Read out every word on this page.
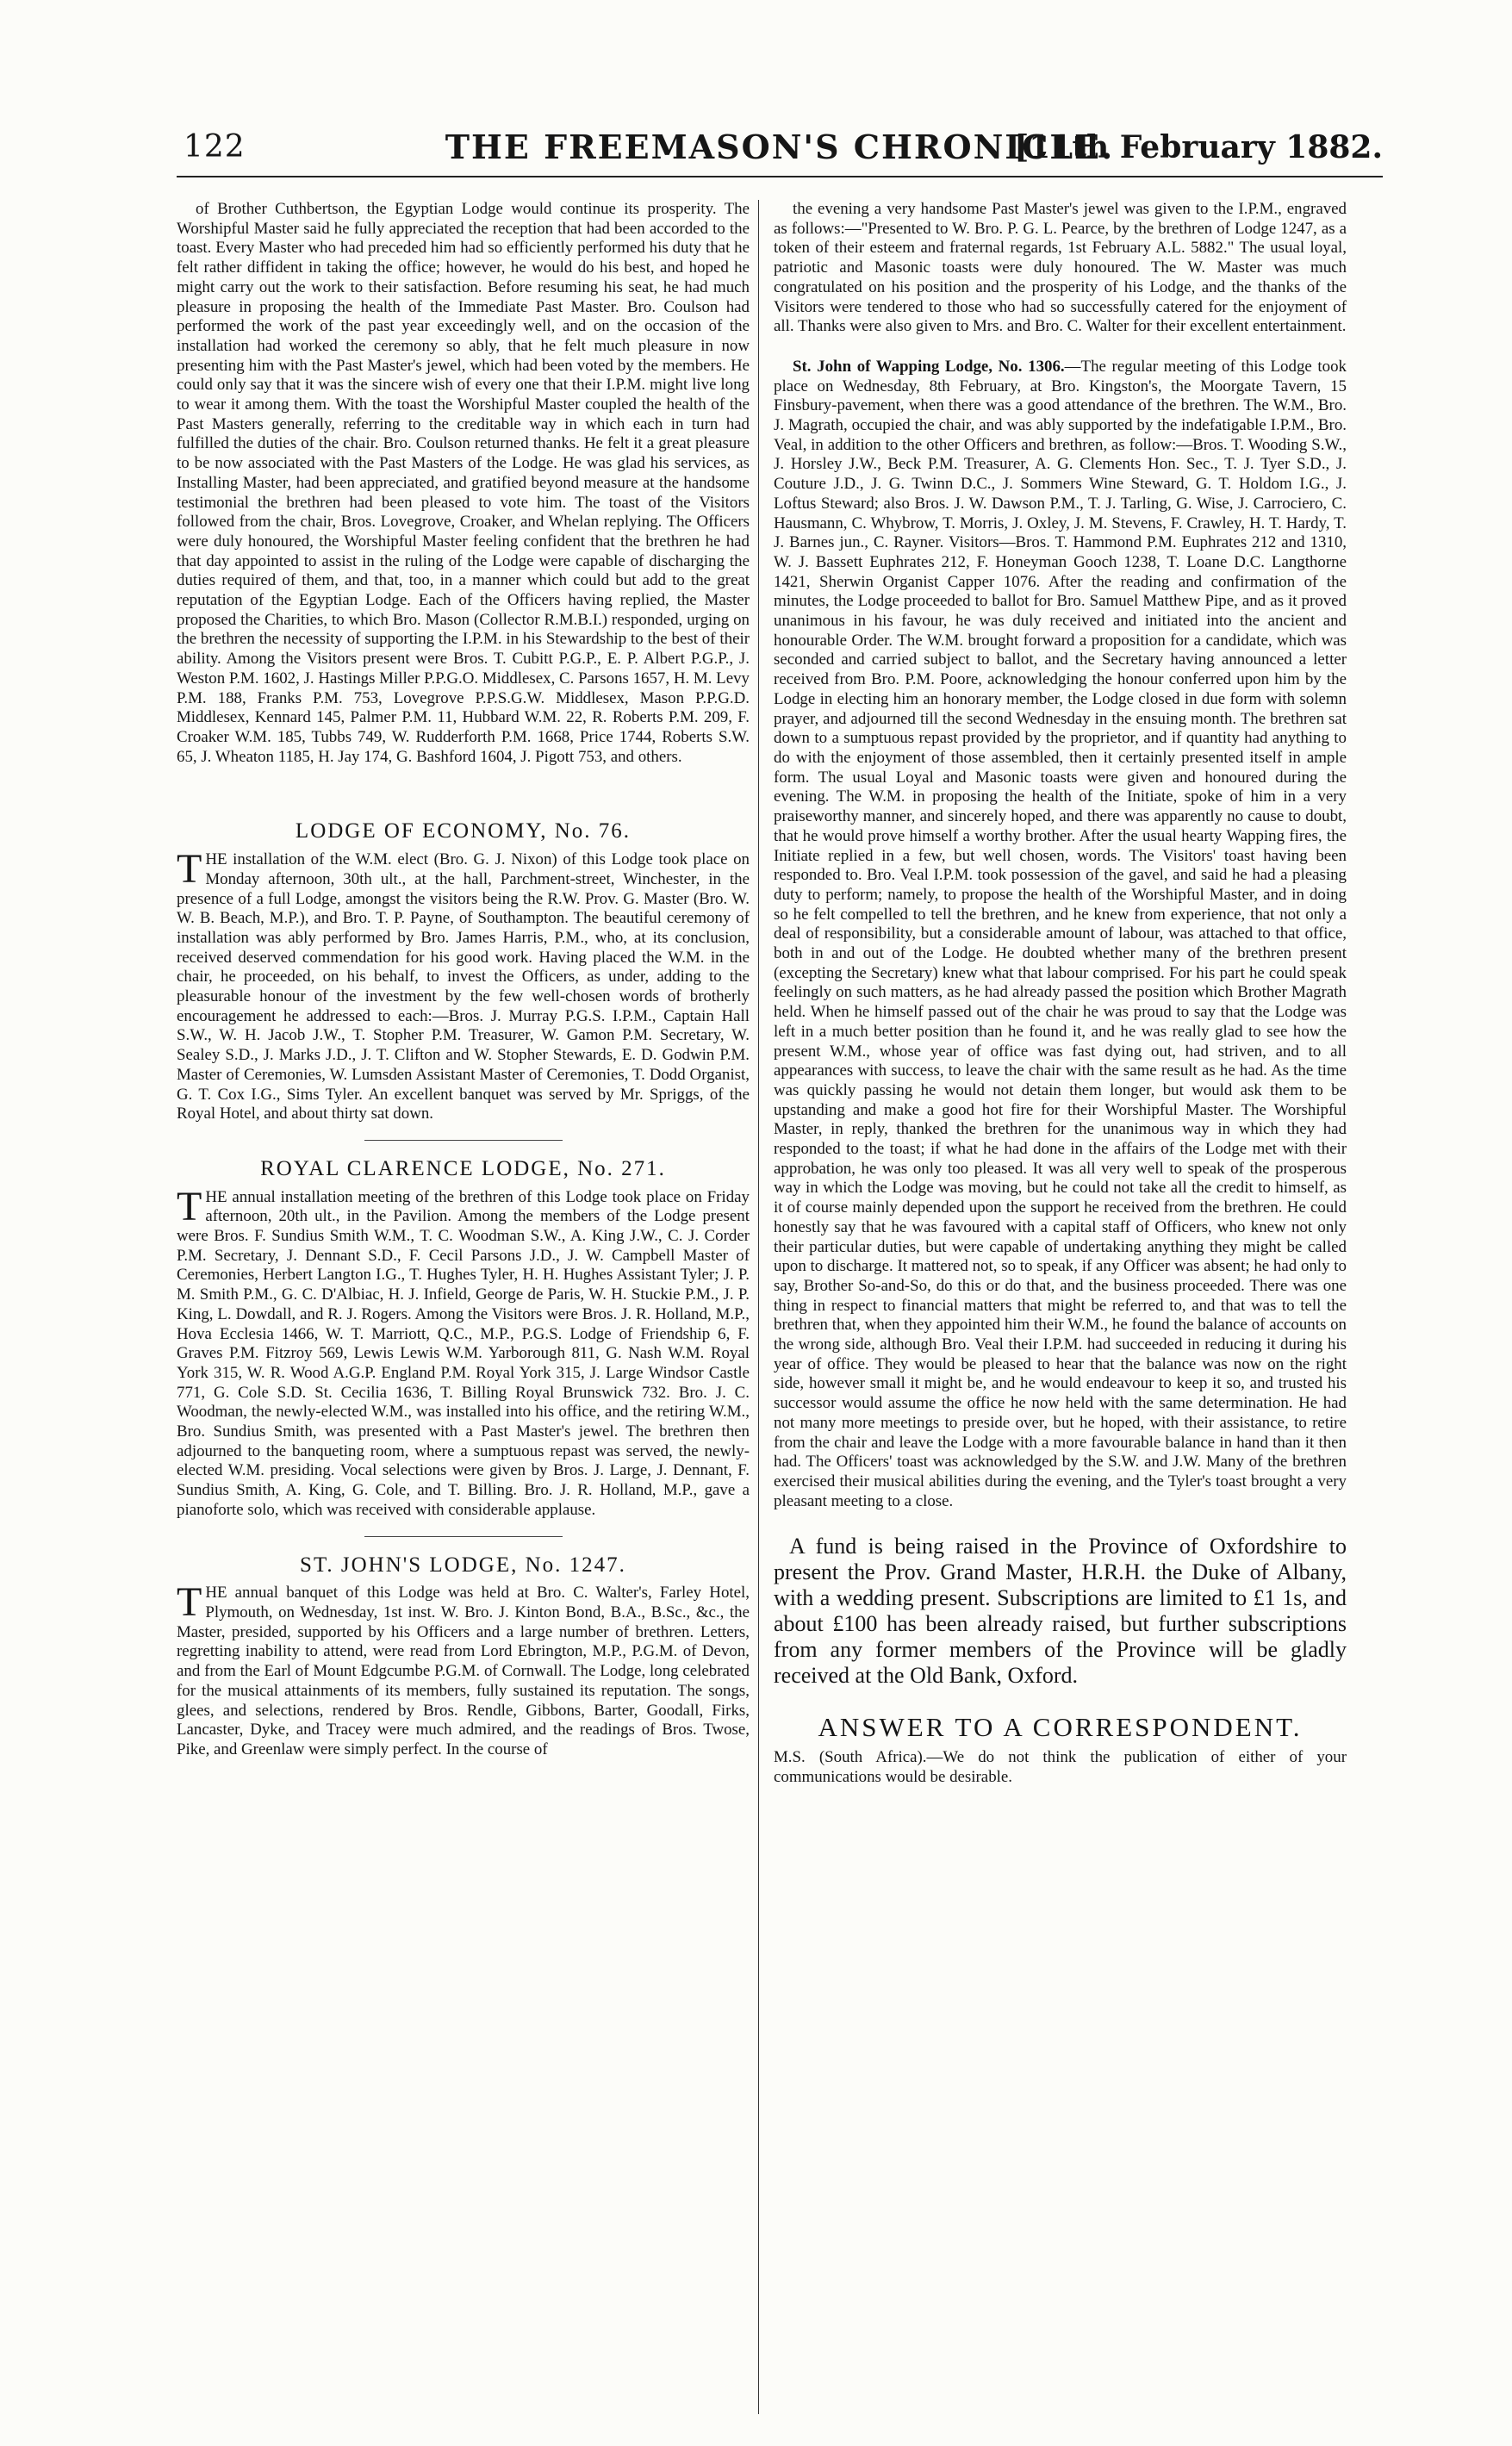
122	THE FREEMASON'S CHRONICLE.
[11th February 1882.

of Brother Cuthbertson, the Egyptian Lodge would continue its prosperity. The Worshipful Master said he fully appreciated the reception that had been accorded to the toast. Every Master who had preceded him had so efficiently performed his duty that he felt rather diffident in taking the office; however, he would do his best, and hoped he might carry out the work to their satisfaction. Before resuming his seat, he had much pleasure in proposing the health of the Immediate Past Master. Bro. Coulson had performed the work of the past year exceedingly well, and on the occasion of the installation had worked the ceremony so ably, that he felt much pleasure in now presenting him with the Past Master's jewel, which had been voted by the members. He could only say that it was the sincere wish of every one that their I.P.M. might live long to wear it among them. With the toast the Worshipful Master coupled the health of the Past Masters generally, referring to the creditable way in which each in turn had fulfilled the duties of the chair. Bro. Coulson returned thanks. He felt it a great pleasure to be now associated with the Past Masters of the Lodge. He was glad his services, as Installing Master, had been appreciated, and gratified beyond measure at the handsome testimonial the brethren had been pleased to vote him. The toast of the Visitors followed from the chair, Bros. Lovegrove, Croaker, and Whelan replying. The Officers were duly honoured, the Worshipful Master feeling confident that the brethren he had that day appointed to assist in the ruling of the Lodge were capable of discharging the duties required of them, and that, too, in a manner which could but add to the great reputation of the Egyptian Lodge. Each of the Officers having replied, the Master proposed the Charities, to which Bro. Mason (Collector R.M.B.I.) responded, urging on the brethren the necessity of supporting the I.P.M. in his Stewardship to the best of their ability. Among the Visitors present were Bros. T. Cubitt P.G.P., E. P. Albert P.G.P., J. Weston P.M. 1602, J. Hastings Miller P.P.G.O. Middlesex, C. Parsons 1657, H. M. Levy P.M. 188, Franks P.M. 753, Lovegrove P.P.S.G.W. Middlesex, Mason P.P.G.D. Middlesex, Kennard 145, Palmer P.M. 11, Hubbard W.M. 22, R. Roberts P.M. 209, F. Croaker W.M. 185, Tubbs 749, W. Rudderforth P.M. 1668, Price 1744, Roberts S.W. 65, J. Wheaton 1185, H. Jay 174, G. Bashford 1604, J. Pigott 753, and others.

LODGE OF ECONOMY, No. 76.

THE installation of the W.M. elect (Bro. G. J. Nixon) of this Lodge took place on Monday afternoon, 30th ult., at the hall, Parchment-street, Winchester, in the presence of a full Lodge, amongst the visitors being the R.W. Prov. G. Master (Bro. W. W. B. Beach, M.P.), and Bro. T. P. Payne, of Southampton. The beautiful ceremony of installation was ably performed by Bro. James Harris, P.M., who, at its conclusion, received deserved commendation for his good work. Having placed the W.M. in the chair, he proceeded, on his behalf, to invest the Officers, as under, adding to the pleasurable honour of the investment by the few well-chosen words of brotherly encouragement he addressed to each:—Bros. J. Murray P.G.S. I.P.M., Captain Hall S.W., W. H. Jacob J.W., T. Stopher P.M. Treasurer, W. Gamon P.M. Secretary, W. Sealey S.D., J. Marks J.D., J. T. Clifton and W. Stopher Stewards, E. D. Godwin P.M. Master of Ceremonies, W. Lumsden Assistant Master of Ceremonies, T. Dodd Organist, G. T. Cox I.G., Sims Tyler. An excellent banquet was served by Mr. Spriggs, of the Royal Hotel, and about thirty sat down.

ROYAL CLARENCE LODGE, No. 271.

THE annual installation meeting of the brethren of this Lodge took place on Friday afternoon, 20th ult., in the Pavilion. Among the members of the Lodge present were Bros. F. Sundius Smith W.M., T. C. Woodman S.W., A. King J.W., C. J. Corder P.M. Secretary, J. Dennant S.D., F. Cecil Parsons J.D., J. W. Campbell Master of Ceremonies, Herbert Langton I.G., T. Hughes Tyler, H. H. Hughes Assistant Tyler; J. P. M. Smith P.M., G. C. D'Albiac, H. J. Infield, George de Paris, W. H. Stuckie P.M., J. P. King, L. Dowdall, and R. J. Rogers. Among the Visitors were Bros. J. R. Holland, M.P., Hova Ecclesia 1466, W. T. Marriott, Q.C., M.P., P.G.S. Lodge of Friendship 6, F. Graves P.M. Fitzroy 569, Lewis Lewis W.M. Yarborough 811, G. Nash W.M. Royal York 315, W. R. Wood A.G.P. England P.M. Royal York 315, J. Large Windsor Castle 771, G. Cole S.D. St. Cecilia 1636, T. Billing Royal Brunswick 732. Bro. J. C. Woodman, the newly-elected W.M., was installed into his office, and the retiring W.M., Bro. Sundius Smith, was presented with a Past Master's jewel. The brethren then adjourned to the banqueting room, where a sumptuous repast was served, the newly-elected W.M. presiding. Vocal selections were given by Bros. J. Large, J. Dennant, F. Sundius Smith, A. King, G. Cole, and T. Billing. Bro. J. R. Holland, M.P., gave a pianoforte solo, which was received with considerable applause.

ST. JOHN'S LODGE, No. 1247.

THE annual banquet of this Lodge was held at Bro. C. Walter's, Farley Hotel, Plymouth, on Wednesday, 1st inst. W. Bro. J. Kinton Bond, B.A., B.Sc., &c., the Master, presided, supported by his Officers and a large number of brethren. Letters, regretting inability to attend, were read from Lord Ebrington, M.P., P.G.M. of Devon, and from the Earl of Mount Edgcumbe P.G.M. of Cornwall. The Lodge, long celebrated for the musical attainments of its members, fully sustained its reputation. The songs, glees, and selections, rendered by Bros. Rendle, Gibbons, Barter, Goodall, Firks, Lancaster, Dyke, and Tracey were much admired, and the readings of Bros. Twose, Pike, and Greenlaw were simply perfect. In the course of

the evening a very handsome Past Master's jewel was given to the I.P.M., engraved as follows:—"Presented to W. Bro. P. G. L. Pearce, by the brethren of Lodge 1247, as a token of their esteem and fraternal regards, 1st February A.L. 5882." The usual loyal, patriotic and Masonic toasts were duly honoured. The W. Master was much congratulated on his position and the prosperity of his Lodge, and the thanks of the Visitors were tendered to those who had so successfully catered for the enjoyment of all. Thanks were also given to Mrs. and Bro. C. Walter for their excellent entertainment.

St. John of Wapping Lodge, No. 1306.—The regular meeting of this Lodge took place on Wednesday, 8th February, at Bro. Kingston's, the Moorgate Tavern, 15 Finsbury-pavement, when there was a good attendance of the brethren. The W.M., Bro. J. Magrath, occupied the chair, and was ably supported by the indefatigable I.P.M., Bro. Veal, in addition to the other Officers and brethren, as follow:—Bros. T. Wooding S.W., J. Horsley J.W., Beck P.M. Treasurer, A. G. Clements Hon. Sec., T. J. Tyer S.D., J. Couture J.D., J. G. Twinn D.C., J. Sommers Wine Steward, G. T. Holdom I.G., J. Loftus Steward; also Bros. J. W. Dawson P.M., T. J. Tarling, G. Wise, J. Carrociero, C. Hausmann, C. Whybrow, T. Morris, J. Oxley, J. M. Stevens, F. Crawley, H. T. Hardy, T. J. Barnes jun., C. Rayner. Visitors—Bros. T. Hammond P.M. Euphrates 212 and 1310, W. J. Bassett Euphrates 212, F. Honeyman Gooch 1238, T. Loane D.C. Langthorne 1421, Sherwin Organist Capper 1076. After the reading and confirmation of the minutes, the Lodge proceeded to ballot for Bro. Samuel Matthew Pipe, and as it proved unanimous in his favour, he was duly received and initiated into the ancient and honourable Order. The W.M. brought forward a proposition for a candidate, which was seconded and carried subject to ballot, and the Secretary having announced a letter received from Bro. P.M. Poore, acknowledging the honour conferred upon him by the Lodge in electing him an honorary member, the Lodge closed in due form with solemn prayer, and adjourned till the second Wednesday in the ensuing month. The brethren sat down to a sumptuous repast provided by the proprietor, and if quantity had anything to do with the enjoyment of those assembled, then it certainly presented itself in ample form. The usual Loyal and Masonic toasts were given and honoured during the evening. The W.M. in proposing the health of the Initiate, spoke of him in a very praiseworthy manner, and sincerely hoped, and there was apparently no cause to doubt, that he would prove himself a worthy brother. After the usual hearty Wapping fires, the Initiate replied in a few, but well chosen, words. The Visitors' toast having been responded to. Bro. Veal I.P.M. took possession of the gavel, and said he had a pleasing duty to perform; namely, to propose the health of the Worshipful Master, and in doing so he felt compelled to tell the brethren, and he knew from experience, that not only a deal of responsibility, but a considerable amount of labour, was attached to that office, both in and out of the Lodge. He doubted whether many of the brethren present (excepting the Secretary) knew what that labour comprised. For his part he could speak feelingly on such matters, as he had already passed the position which Brother Magrath held. When he himself passed out of the chair he was proud to say that the Lodge was left in a much better position than he found it, and he was really glad to see how the present W.M., whose year of office was fast dying out, had striven, and to all appearances with success, to leave the chair with the same result as he had. As the time was quickly passing he would not detain them longer, but would ask them to be upstanding and make a good hot fire for their Worshipful Master. The Worshipful Master, in reply, thanked the brethren for the unanimous way in which they had responded to the toast; if what he had done in the affairs of the Lodge met with their approbation, he was only too pleased. It was all very well to speak of the prosperous way in which the Lodge was moving, but he could not take all the credit to himself, as it of course mainly depended upon the support he received from the brethren. He could honestly say that he was favoured with a capital staff of Officers, who knew not only their particular duties, but were capable of undertaking anything they might be called upon to discharge. It mattered not, so to speak, if any Officer was absent; he had only to say, Brother So-and-So, do this or do that, and the business proceeded. There was one thing in respect to financial matters that might be referred to, and that was to tell the brethren that, when they appointed him their W.M., he found the balance of accounts on the wrong side, although Bro. Veal their I.P.M. had succeeded in reducing it during his year of office. They would be pleased to hear that the balance was now on the right side, however small it might be, and he would endeavour to keep it so, and trusted his successor would assume the office he now held with the same determination. He had not many more meetings to preside over, but he hoped, with their assistance, to retire from the chair and leave the Lodge with a more favourable balance in hand than it then had. The Officers' toast was acknowledged by the S.W. and J.W. Many of the brethren exercised their musical abilities during the evening, and the Tyler's toast brought a very pleasant meeting to a close.

A fund is being raised in the Province of Oxfordshire to present the Prov. Grand Master, H.R.H. the Duke of Albany, with a wedding present. Subscriptions are limited to £1 1s, and about £100 has been already raised, but further subscriptions from any former members of the Province will be gladly received at the Old Bank, Oxford.

ANSWER TO A CORRESPONDENT.

M.S. (South Africa).—We do not think the publication of either of your communications would be desirable.
